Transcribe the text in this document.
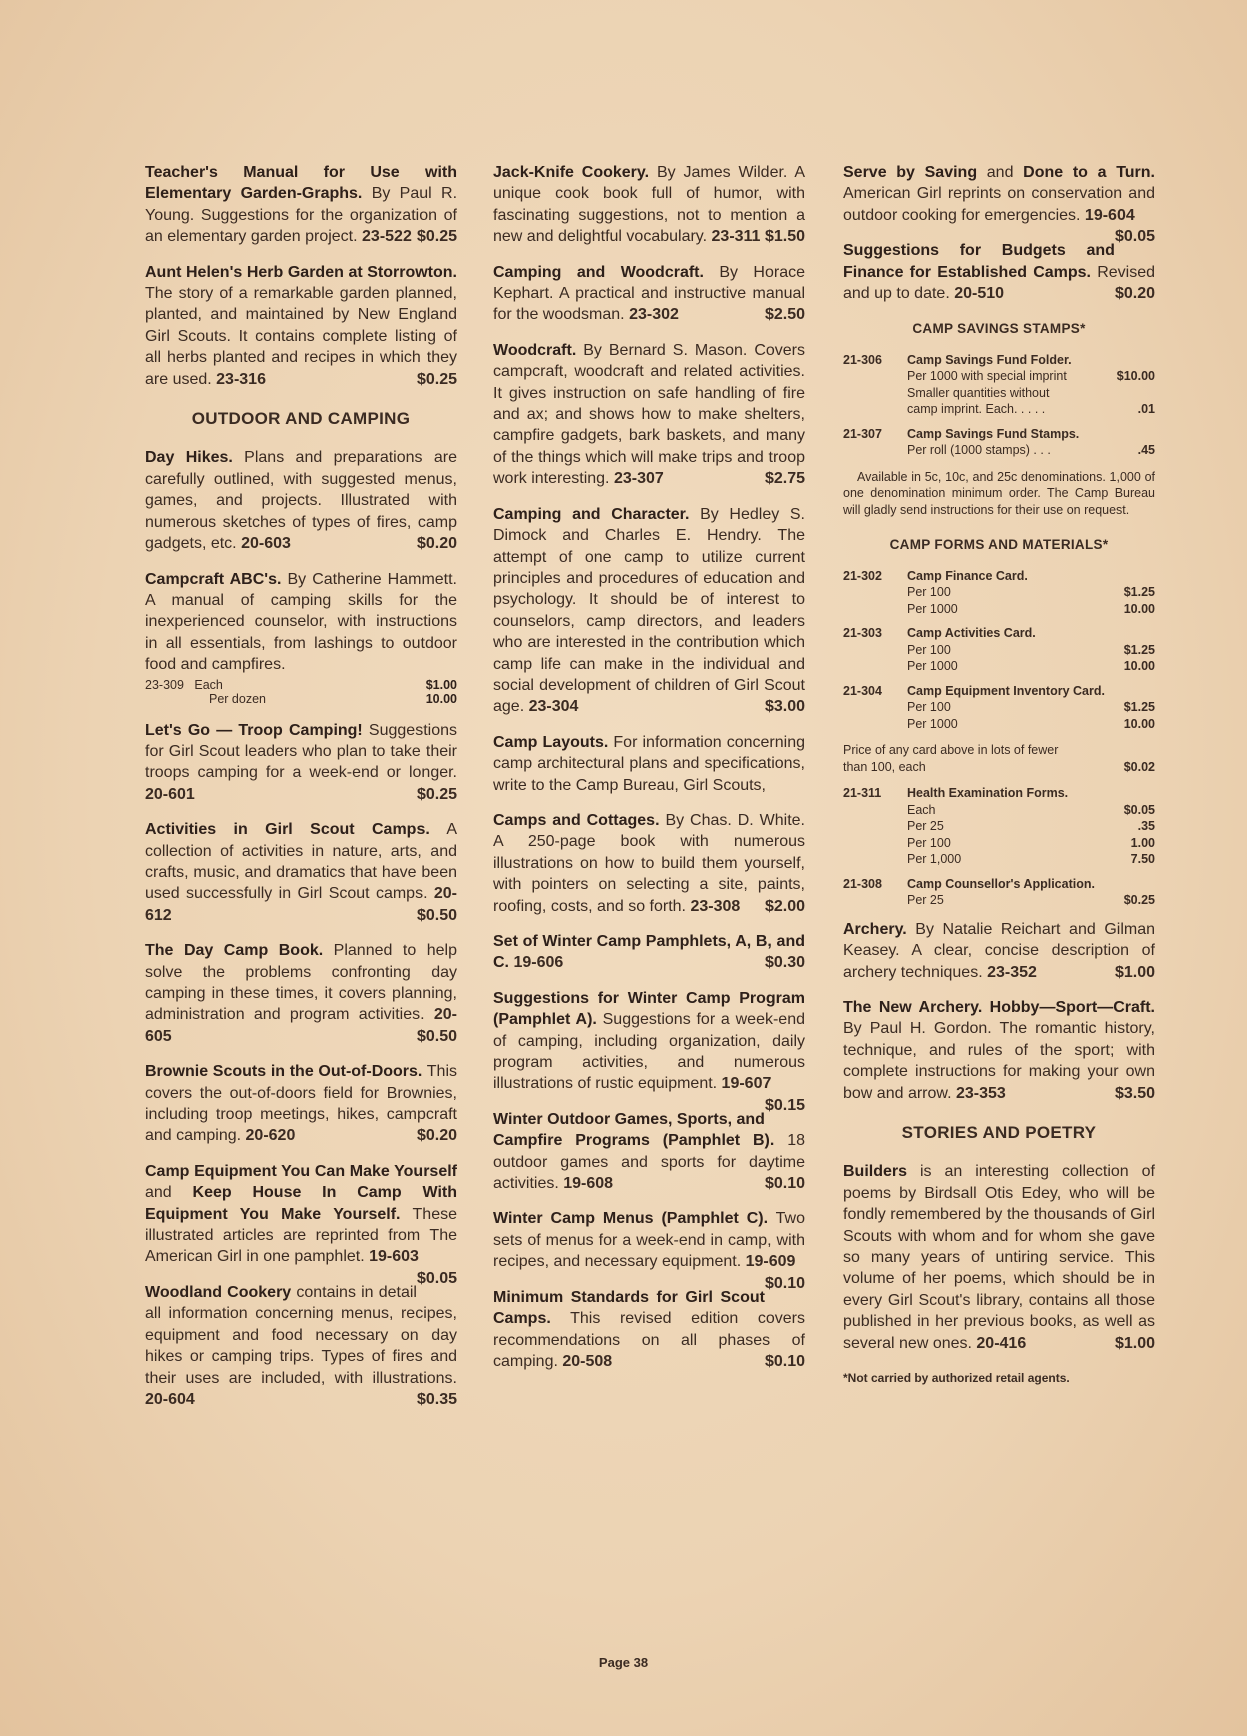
Teacher's Manual for Use with Elementary Garden-Graphs. By Paul R. Young. Suggestions for the organization of an elementary garden project. 23-522 $0.25
Aunt Helen's Herb Garden at Storrowton. The story of a remarkable garden planned, planted, and maintained by New England Girl Scouts. It contains complete listing of all herbs planted and recipes in which they are used. 23-316	$0.25
OUTDOOR AND CAMPING
Day Hikes. Plans and preparations are carefully outlined, with suggested menus, games, and projects. Illustrated with numerous sketches of types of fires, camp gadgets, etc. 20-603	$0.20
Campcraft ABC's. By Catherine Hammett. A manual of camping skills for the inexperienced counselor, with instructions in all essentials, from lashings to outdoor food and campfires.
23-309 Each	$1.00
Per dozen	10.00
Let's Go — Troop Camping! Suggestions for Girl Scout leaders who plan to take their troops camping for a week-end or longer. 20-601	$0.25
Activities in Girl Scout Camps. A collection of activities in nature, arts, and crafts, music, and dramatics that have been used successfully in Girl Scout camps. 20-612	$0.50
The Day Camp Book. Planned to help solve the problems confronting day camping in these times, it covers planning, administration and program activities. 20-605	$0.50
Brownie Scouts in the Out-of-Doors. This covers the out-of-doors field for Brownies, including troop meetings, hikes, campcraft and camping. 20-620	$0.20
Camp Equipment You Can Make Yourself and Keep House In Camp With Equipment You Make Yourself. These illustrated articles are reprinted from The American Girl in one pamphlet. 19-603
$0.05
Woodland Cookery contains in detail all information concerning menus, recipes, equipment and food necessary on day hikes or camping trips. Types of fires and their uses are included, with illustrations. 20-604	$0.35
Jack-Knife Cookery. By James Wilder. A unique cook book full of humor, with fascinating suggestions, not to mention a new and delightful vocabulary. 23-311 $1.50
Camping and Woodcraft. By Horace Kephart. A practical and instructive manual for the woodsman. 23-302	$2.50
Woodcraft. By Bernard S. Mason. Covers campcraft, woodcraft and related activities. It gives instruction on safe handling of fire and ax; and shows how to make shelters, campfire gadgets, bark baskets, and many of the things which will make trips and troop work interesting. 23-307	$2.75
Camping and Character. By Hedley S. Dimock and Charles E. Hendry. The attempt of one camp to utilize current principles and procedures of education and psychology. It should be of interest to counselors, camp directors, and leaders who are interested in the contribution which camp life can make in the individual and social development of children of Girl Scout age. 23-304	$3.00
Camp Layouts. For information concerning camp architectural plans and specifications, write to the Camp Bureau, Girl Scouts,
Camps and Cottages. By Chas. D. White. A 250-page book with numerous illustrations on how to build them yourself, with pointers on selecting a site, paints, roofing, costs, and so forth. 23-308 $2.00
Set of Winter Camp Pamphlets, A, B, and C. 19-606	$0.30
Suggestions for Winter Camp Program (Pamphlet A). Suggestions for a week-end of camping, including organization, daily program activities, and numerous illustrations of rustic equipment. 19-607
$0.15
Winter Outdoor Games, Sports, and Campfire Programs (Pamphlet B). 18 outdoor games and sports for daytime activities. 19-608	$0.10
Winter Camp Menus (Pamphlet C). Two sets of menus for a week-end in camp, with recipes, and necessary equipment. 19-609
$0.10
Minimum Standards for Girl Scout Camps. This revised edition covers recommendations on all phases of camping. 20-508	$0.10
Serve by Saving and Done to a Turn. American Girl reprints on conservation and outdoor cooking for emergencies. 19-604
$0.05
Suggestions for Budgets and Finance for Established Camps. Revised and up to date. 20-510	$0.20
CAMP SAVINGS STAMPS*
21-306	Camp Savings Fund Folder.
Per 1000 with special imprint	$10.00
Smaller quantities without
camp imprint. Each. . . . .	.01
21-307	Camp Savings Fund Stamps.
Per roll (1000 stamps) . . .	.45
Available in 5c, 10c, and 25c denominations. 1,000 of one denomination minimum order. The Camp Bureau will gladly send instructions for their use on request.
CAMP FORMS AND MATERIALS*
21-302	Camp Finance Card.
Per 100	$1.25
Per 1000	10.00
21-303	Camp Activities Card.
Per 100	$1.25
Per 1000	10.00
21-304	Camp Equipment Inventory Card.
Per 100	$1.25
Per 1000	10.00
Price of any card above in lots of fewer than 100, each	$0.02
21-311	Health Examination Forms.
Each	$0.05
Per 25	.35
Per 100	1.00
Per 1,000	7.50
21-308	Camp Counsellor's Application.
Per 25	$0.25
Archery. By Natalie Reichart and Gilman Keasey. A clear, concise description of archery techniques. 23-352	$1.00
The New Archery. Hobby—Sport—Craft. By Paul H. Gordon. The romantic history, technique, and rules of the sport; with complete instructions for making your own bow and arrow. 23-353	$3.50
STORIES AND POETRY
Builders is an interesting collection of poems by Birdsall Otis Edey, who will be fondly remembered by the thousands of Girl Scouts with whom and for whom she gave so many years of untiring service. This volume of her poems, which should be in every Girl Scout's library, contains all those published in her previous books, as well as several new ones. 20-416	$1.00
*Not carried by authorized retail agents.
Page 38
